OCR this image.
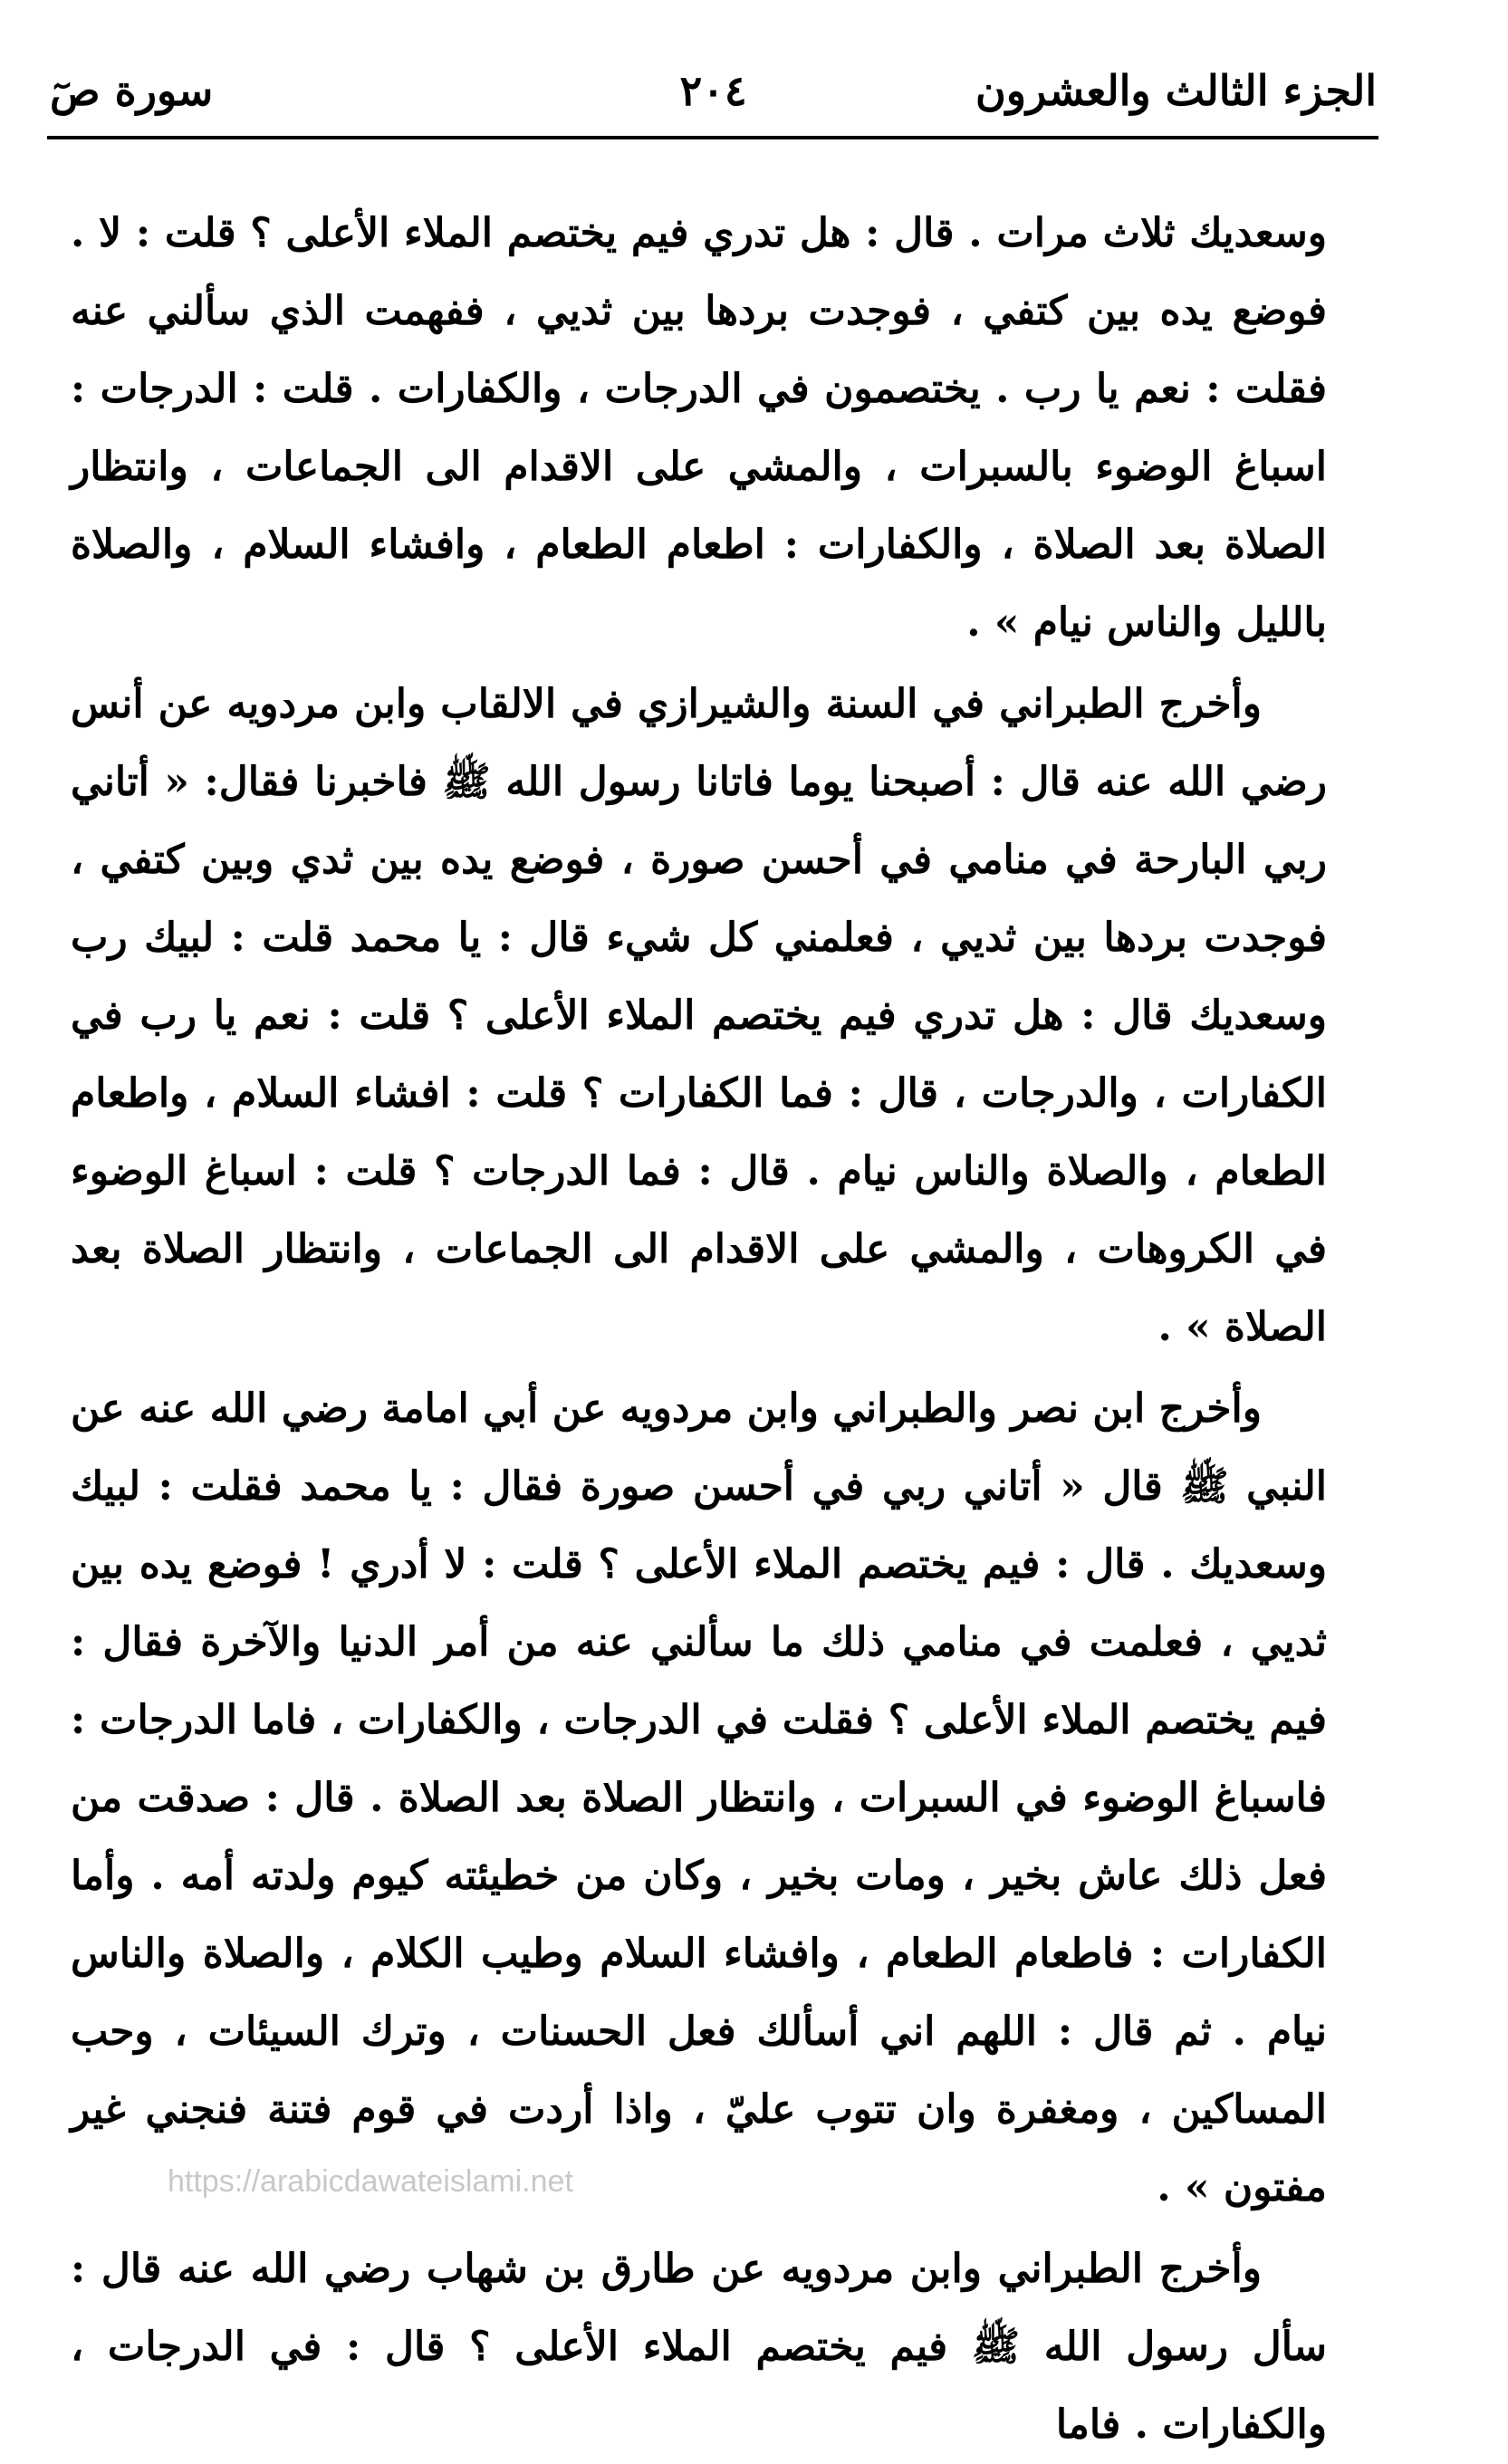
الجزء الثالث والعشرون
٢٠٤
سورة صٓ

وسعديك ثلاث مرات . قال : هل تدري فيم يختصم الملاء الأعلى ؟ قلت : لا . فوضع يده بين كتفي ، فوجدت بردها بين ثديي ، ففهمت الذي سألني عنه فقلت : نعم يا رب . يختصمون في الدرجات ، والكفارات . قلت : الدرجات : اسباغ الوضوء بالسبرات ، والمشي على الاقدام الى الجماعات ، وانتظار الصلاة بعد الصلاة ، والكفارات : اطعام الطعام ، وافشاء السلام ، والصلاة بالليل والناس نيام » .

وأخرج الطبراني في السنة والشيرازي في الالقاب وابن مردويه عن أنس رضي الله عنه قال : أصبحنا يوما فاتانا رسول الله ﷺ فاخبرنا فقال: « أتاني ربي البارحة في منامي في أحسن صورة ، فوضع يده بين ثدي وبين كتفي ، فوجدت بردها بين ثديي ، فعلمني كل شيء قال : يا محمد قلت : لبيك رب وسعديك قال : هل تدري فيم يختصم الملاء الأعلى ؟ قلت : نعم يا رب في الكفارات ، والدرجات ، قال : فما الكفارات ؟ قلت : افشاء السلام ، واطعام الطعام ، والصلاة والناس نيام . قال : فما الدرجات ؟ قلت : اسباغ الوضوء في الكروهات ، والمشي على الاقدام الى الجماعات ، وانتظار الصلاة بعد الصلاة » .

وأخرج ابن نصر والطبراني وابن مردويه عن أبي امامة رضي الله عنه عن النبي ﷺ قال « أتاني ربي في أحسن صورة فقال : يا محمد فقلت : لبيك وسعديك . قال : فيم يختصم الملاء الأعلى ؟ قلت : لا أدري ! فوضع يده بين ثديي ، فعلمت في منامي ذلك ما سألني عنه من أمر الدنيا والآخرة فقال : فيم يختصم الملاء الأعلى ؟ فقلت في الدرجات ، والكفارات ، فاما الدرجات : فاسباغ الوضوء في السبرات ، وانتظار الصلاة بعد الصلاة . قال : صدقت من فعل ذلك عاش بخير ، ومات بخير ، وكان من خطيئته كيوم ولدته أمه . وأما الكفارات : فاطعام الطعام ، وافشاء السلام وطيب الكلام ، والصلاة والناس نيام . ثم قال : اللهم اني أسألك فعل الحسنات ، وترك السيئات ، وحب المساكين ، ومغفرة وان تتوب عليّ ، واذا أردت في قوم فتنة فنجني غير مفتون » .

وأخرج الطبراني وابن مردويه عن طارق بن شهاب رضي الله عنه قال : سأل رسول الله ﷺ فيم يختصم الملاء الأعلى ؟ قال : في الدرجات ، والكفارات . فاما

https://arabicdawateislami.net
